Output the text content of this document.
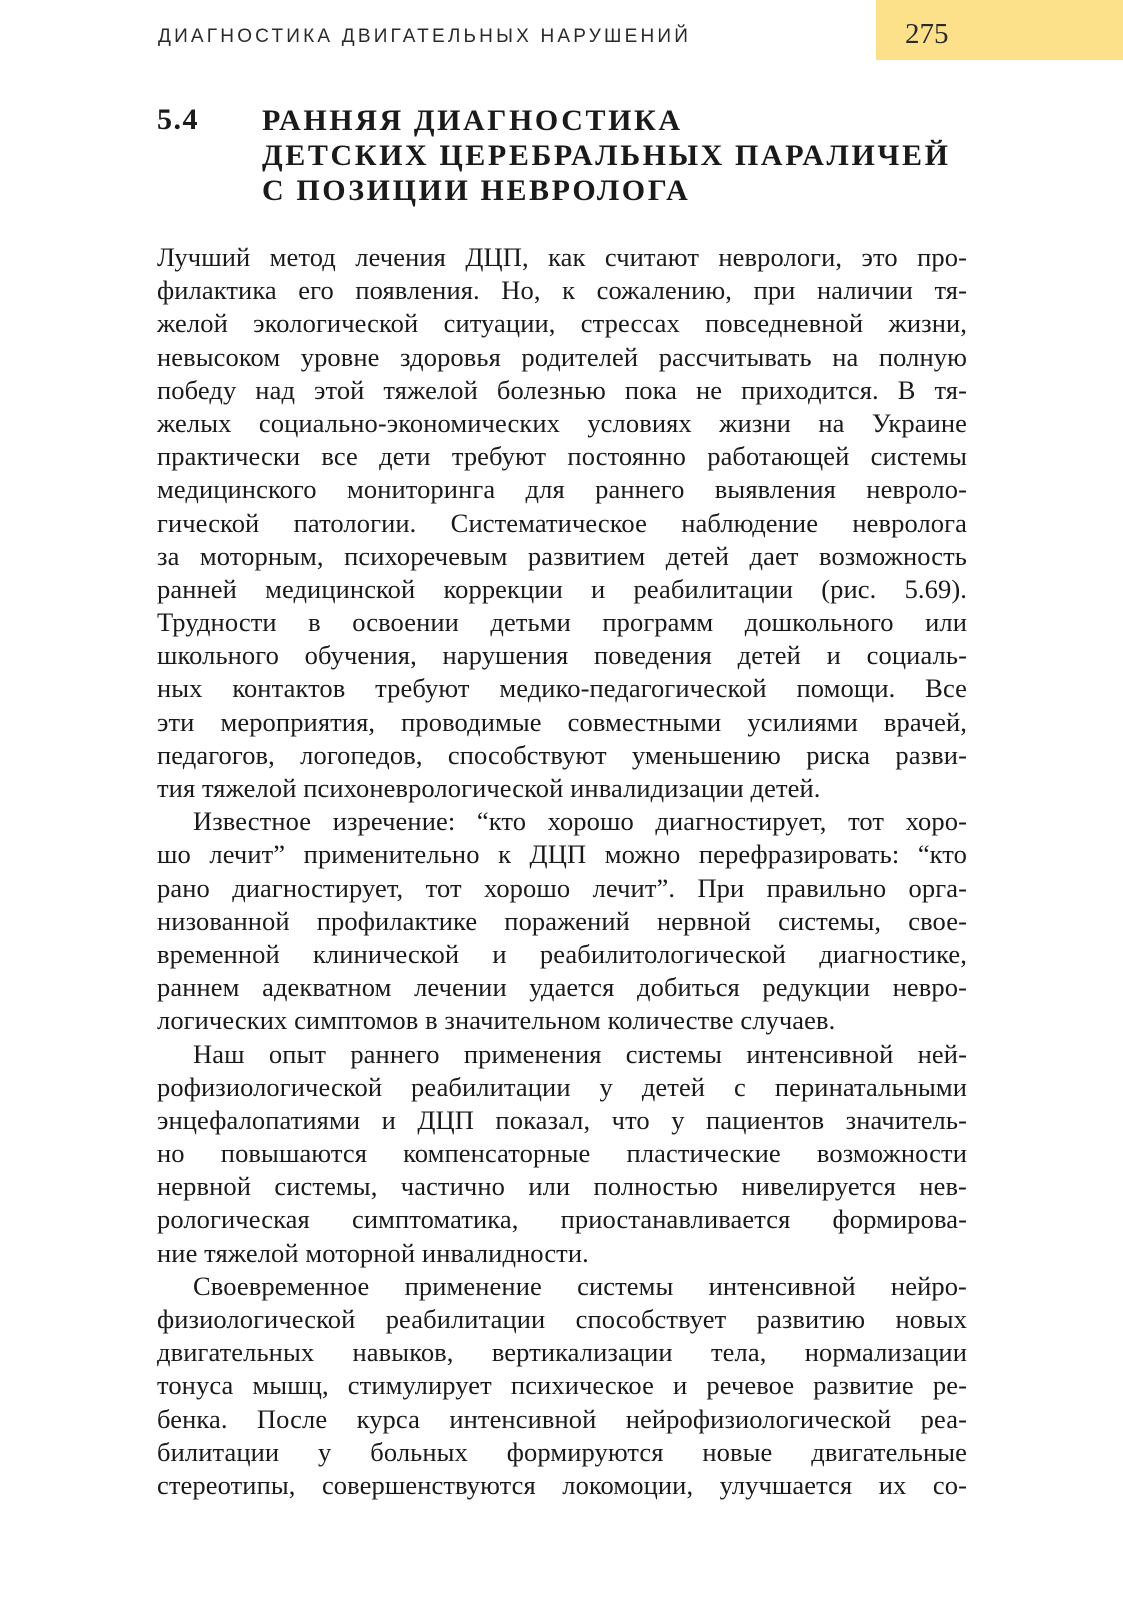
ДИАГНОСТИКА ДВИГАТЕЛЬНЫХ НАРУШЕНИЙ	275
5.4 РАННЯЯ ДИАГНОСТИКА
ДЕТСКИХ ЦЕРЕБРАЛЬНЫХ ПАРАЛИЧЕЙ
С ПОЗИЦИИ НЕВРОЛОГА
Лучший метод лечения ДЦП, как считают неврологи, это про-
филактика его появления. Но, к сожалению, при наличии тя-
желой экологической ситуации, стрессах повседневной жизни,
невысоком уровне здоровья родителей рассчитывать на полную
победу над этой тяжелой болезнью пока не приходится. В тя-
желых социально-экономических условиях жизни на Украине
практически все дети требуют постоянно работающей системы
медицинского мониторинга для раннего выявления невроло-
гической патологии. Систематическое наблюдение невролога
за моторным, психоречевым развитием детей дает возможность
ранней медицинской коррекции и реабилитации (рис. 5.69).
Трудности в освоении детьми программ дошкольного или
школьного обучения, нарушения поведения детей и социаль-
ных контактов требуют медико-педагогической помощи. Все
эти мероприятия, проводимые совместными усилиями врачей,
педагогов, логопедов, способствуют уменьшению риска разви-
тия тяжелой психоневрологической инвалидизации детей.
Известное изречение: “кто хорошо диагностирует, тот хоро-
шо лечит” применительно к ДЦП можно перефразировать: “кто
рано диагностирует, тот хорошо лечит”. При правильно орга-
низованной профилактике поражений нервной системы, свое-
временной клинической и реабилитологической диагностике,
раннем адекватном лечении удается добиться редукции невро-
логических симптомов в значительном количестве случаев.
Наш опыт раннего применения системы интенсивной ней-
рофизиологической реабилитации у детей с перинатальными
энцефалопатиями и ДЦП показал, что у пациентов значитель-
но повышаются компенсаторные пластические возможности
нервной системы, частично или полностью нивелируется нев-
рологическая симптоматика, приостанавливается формирова-
ние тяжелой моторной инвалидности.
Своевременное применение системы интенсивной нейро-
физиологической реабилитации способствует развитию новых
двигательных навыков, вертикализации тела, нормализации
тонуса мышц, стимулирует психическое и речевое развитие ре-
бенка. После курса интенсивной нейрофизиологической реа-
билитации у больных формируются новые двигательные
стереотипы, совершенствуются локомоции, улучшается их со-
